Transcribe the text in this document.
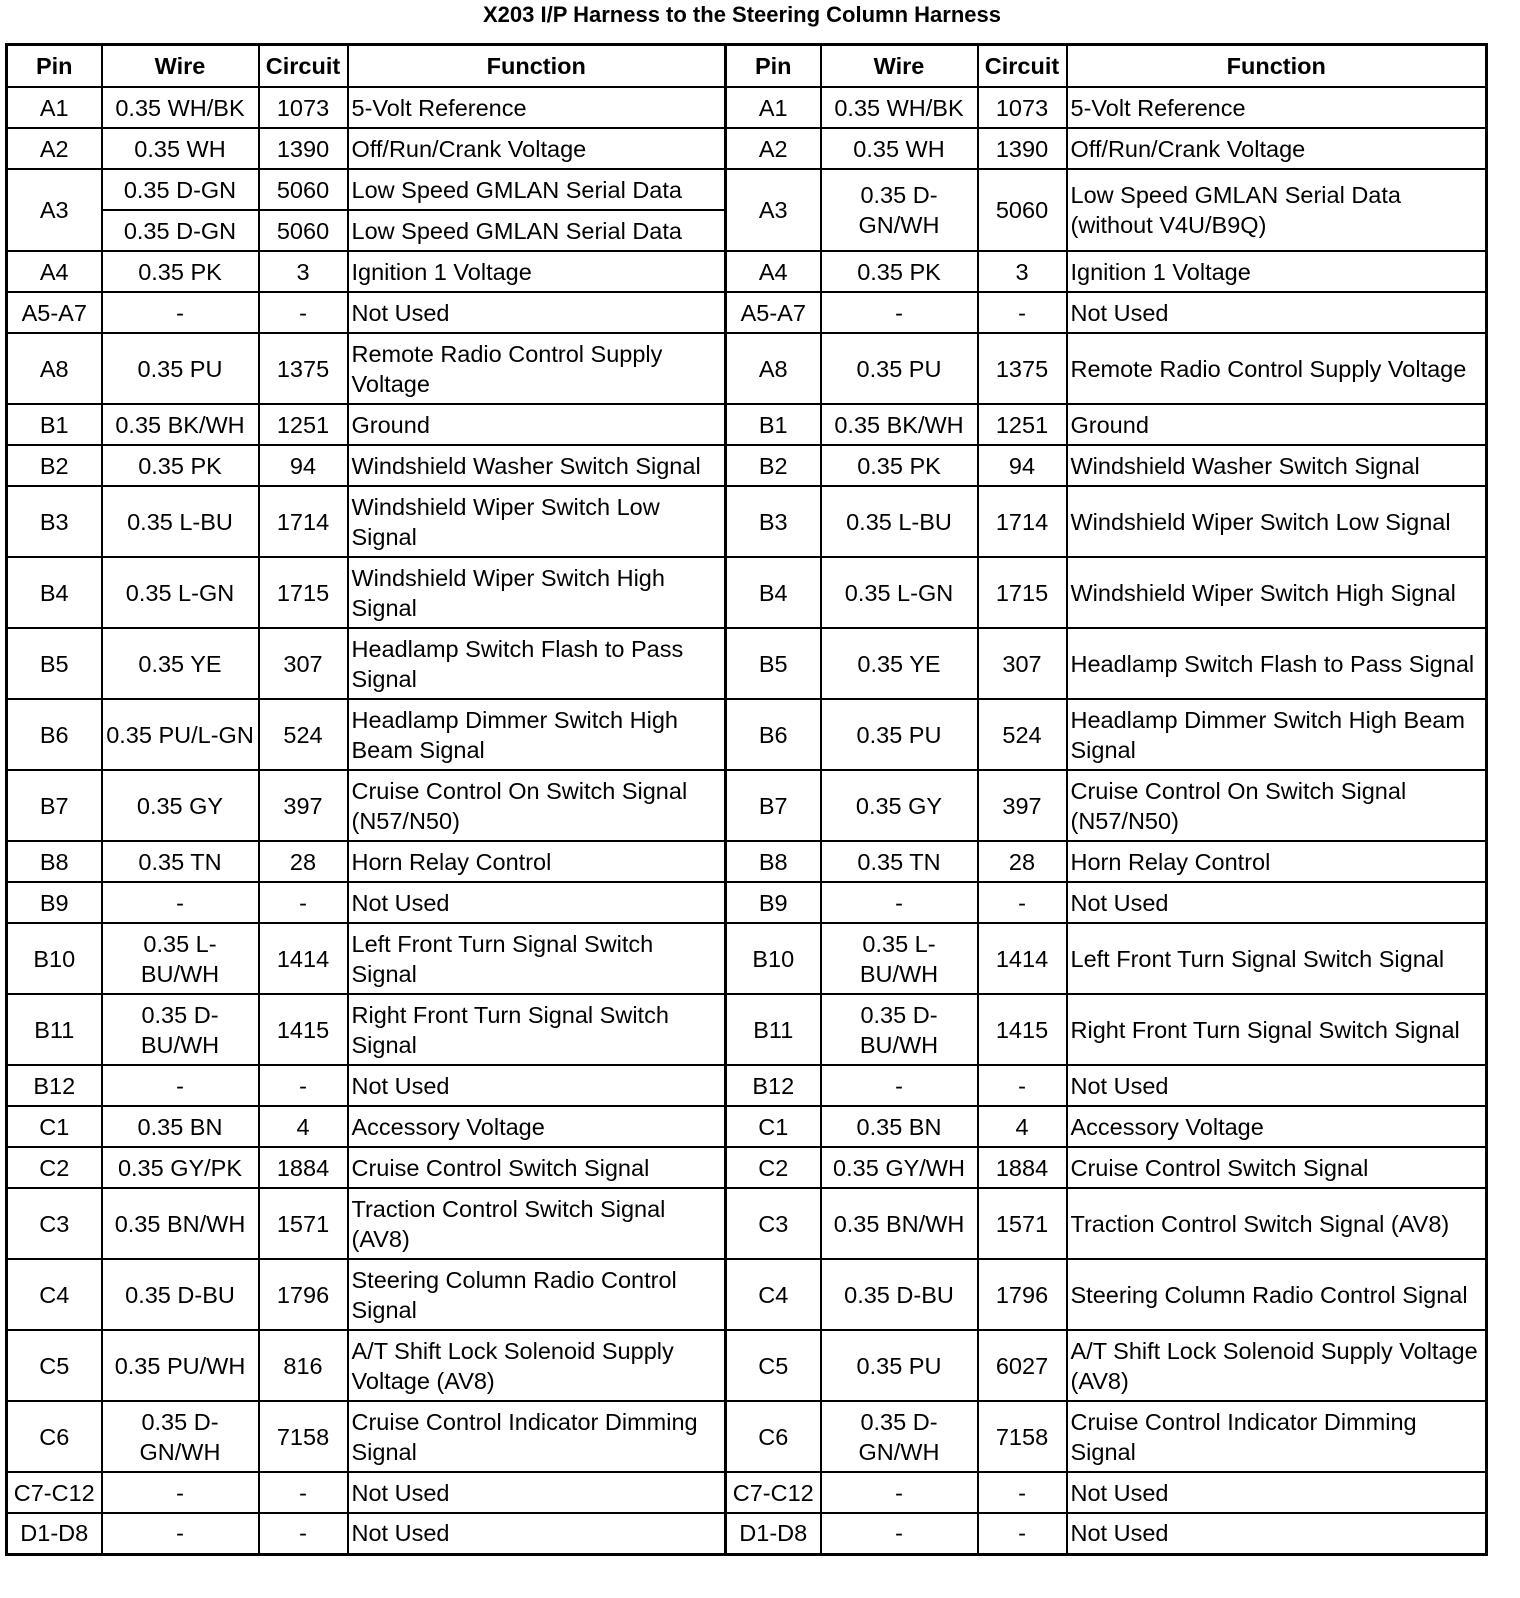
X203 I/P Harness to the Steering Column Harness
Pin	Wire	Circuit	Function	Pin	Wire	Circuit	Function
A1	0.35 WH/BK	1073	5-Volt Reference	A1	0.35 WH/BK	1073	5-Volt Reference
A2	0.35 WH	1390	Off/Run/Crank Voltage	A2	0.35 WH	1390	Off/Run/Crank Voltage
A3	0.35 D-GN	5060	Low Speed GMLAN Serial Data	A3	0.35 D-GN/WH	5060	Low Speed GMLAN Serial Data (without V4U/B9Q)
	0.35 D-GN	5060	Low Speed GMLAN Serial Data				
A4	0.35 PK	3	Ignition 1 Voltage	A4	0.35 PK	3	Ignition 1 Voltage
A5-A7	-	-	Not Used	A5-A7	-	-	Not Used
A8	0.35 PU	1375	Remote Radio Control Supply Voltage	A8	0.35 PU	1375	Remote Radio Control Supply Voltage
B1	0.35 BK/WH	1251	Ground	B1	0.35 BK/WH	1251	Ground
B2	0.35 PK	94	Windshield Washer Switch Signal	B2	0.35 PK	94	Windshield Washer Switch Signal
B3	0.35 L-BU	1714	Windshield Wiper Switch Low Signal	B3	0.35 L-BU	1714	Windshield Wiper Switch Low Signal
B4	0.35 L-GN	1715	Windshield Wiper Switch High Signal	B4	0.35 L-GN	1715	Windshield Wiper Switch High Signal
B5	0.35 YE	307	Headlamp Switch Flash to Pass Signal	B5	0.35 YE	307	Headlamp Switch Flash to Pass Signal
B6	0.35 PU/L-GN	524	Headlamp Dimmer Switch High Beam Signal	B6	0.35 PU	524	Headlamp Dimmer Switch High Beam Signal
B7	0.35 GY	397	Cruise Control On Switch Signal (N57/N50)	B7	0.35 GY	397	Cruise Control On Switch Signal (N57/N50)
B8	0.35 TN	28	Horn Relay Control	B8	0.35 TN	28	Horn Relay Control
B9	-	-	Not Used	B9	-	-	Not Used
B10	0.35 L-BU/WH	1414	Left Front Turn Signal Switch Signal	B10	0.35 L-BU/WH	1414	Left Front Turn Signal Switch Signal
B11	0.35 D-BU/WH	1415	Right Front Turn Signal Switch Signal	B11	0.35 D-BU/WH	1415	Right Front Turn Signal Switch Signal
B12	-	-	Not Used	B12	-	-	Not Used
C1	0.35 BN	4	Accessory Voltage	C1	0.35 BN	4	Accessory Voltage
C2	0.35 GY/PK	1884	Cruise Control Switch Signal	C2	0.35 GY/WH	1884	Cruise Control Switch Signal
C3	0.35 BN/WH	1571	Traction Control Switch Signal (AV8)	C3	0.35 BN/WH	1571	Traction Control Switch Signal (AV8)
C4	0.35 D-BU	1796	Steering Column Radio Control Signal	C4	0.35 D-BU	1796	Steering Column Radio Control Signal
C5	0.35 PU/WH	816	A/T Shift Lock Solenoid Supply Voltage (AV8)	C5	0.35 PU	6027	A/T Shift Lock Solenoid Supply Voltage (AV8)
C6	0.35 D-GN/WH	7158	Cruise Control Indicator Dimming Signal	C6	0.35 D-GN/WH	7158	Cruise Control Indicator Dimming Signal
C7-C12	-	-	Not Used	C7-C12	-	-	Not Used
D1-D8	-	-	Not Used	D1-D8	-	-	Not Used
